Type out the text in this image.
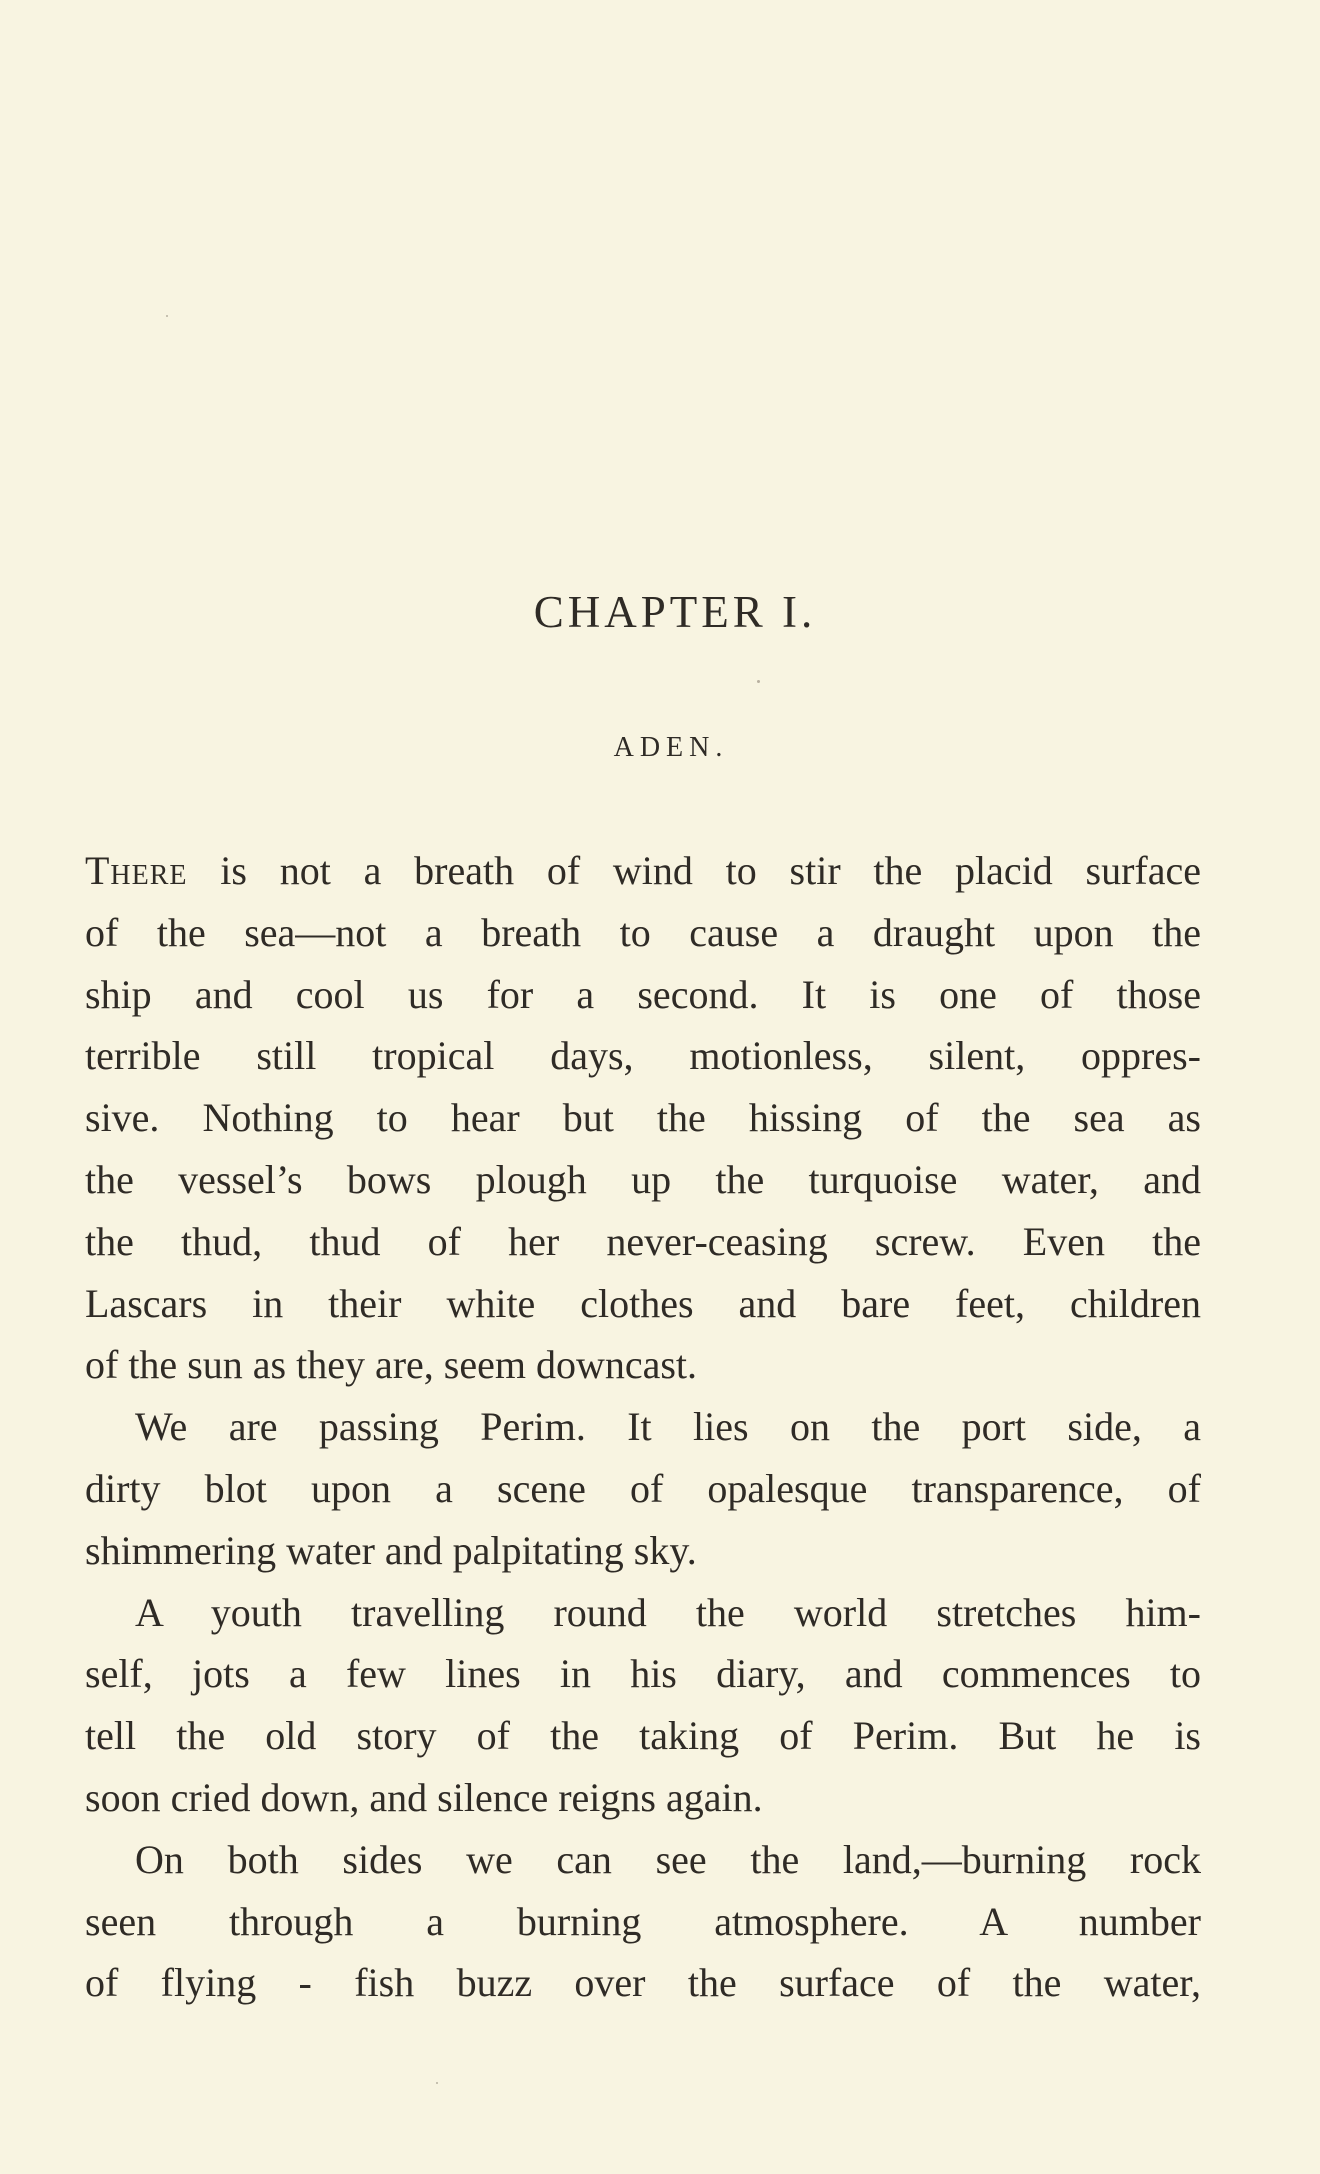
CHAPTER I.
ADEN.
There is not a breath of wind to stir the placid surface
of the sea—not a breath to cause a draught upon the
ship and cool us for a second. It is one of those
terrible still tropical days, motionless, silent, oppres-
sive. Nothing to hear but the hissing of the sea as
the vessel’s bows plough up the turquoise water, and
the thud, thud of her never-ceasing screw. Even the
Lascars in their white clothes and bare feet, children
of the sun as they are, seem downcast.
We are passing Perim. It lies on the port side, a
dirty blot upon a scene of opalesque transparence, of
shimmering water and palpitating sky.
A youth travelling round the world stretches him-
self, jots a few lines in his diary, and commences to
tell the old story of the taking of Perim. But he is
soon cried down, and silence reigns again.
On both sides we can see the land,—burning rock
seen through a burning atmosphere. A number
of flying - fish buzz over the surface of the water,
